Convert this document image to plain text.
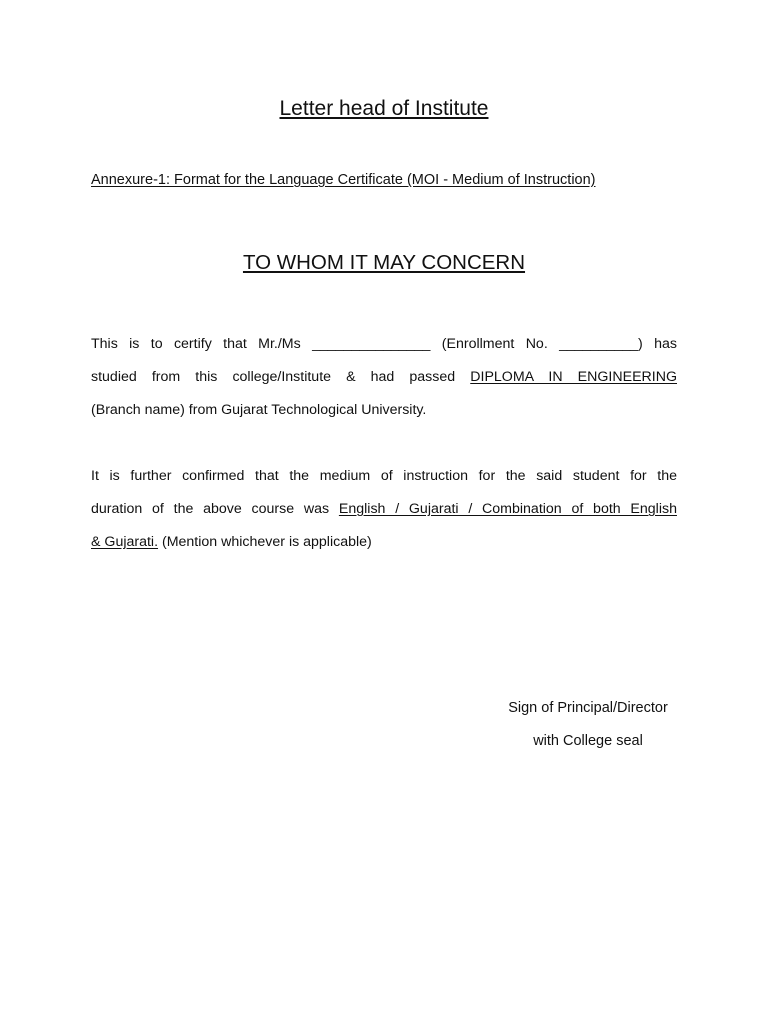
Letter head of Institute
Annexure-1: Format for the Language Certificate (MOI - Medium of Instruction)
TO WHOM IT MAY CONCERN
This is to certify that Mr./Ms _______________ (Enrollment No. __________) has
studied from this college/Institute & had passed DIPLOMA IN ENGINEERING
(Branch name) from Gujarat Technological University.
It is further confirmed that the medium of instruction for the said student for the
duration of the above course was English / Gujarati / Combination of both English
& Gujarati. (Mention whichever is applicable)
Sign of Principal/Director
with College seal
